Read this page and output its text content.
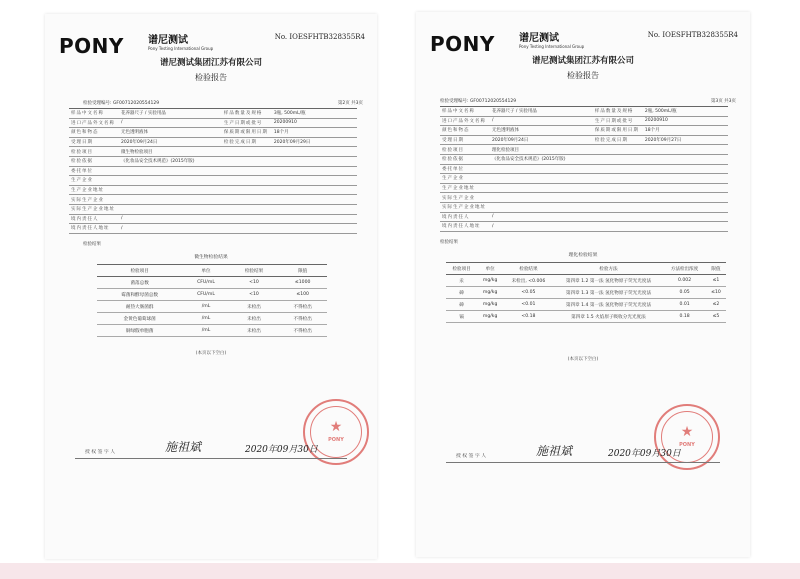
PONY 谱尼测试
Pony Testing International Group
No. IOESFHTB328355R4
谱尼测试集团江苏有限公司
检验报告
检验受理编号: GF00712020554129	第2页 共3页
样品中文名称	花养器尺子 / 实验用晶	样品数量及规格	3瓶, 500mL/瓶
进口产品外文名称	/	生产日期或批号	20200910
颜色和物态	无色透明液体	保质期或限用日期	18个月
受理日期	2020年09月24日	检验完成日期	2020年09月29日
检验项目	微生物检验项目		
检验依据	《化妆品安全技术规范》(2015年版)		
委托单位			
生产企业			
生产企业地址			
实际生产企业			
实际生产企业地址			
境内责任人	/		
境内责任人地址	/		
检验结果
微生物检验结果
检验项目	单位	检验结果	限值
菌落总数	CFU/mL	<10	≤1000
霉菌和酵母菌总数	CFU/mL	<10	≤100
耐热大肠菌群	/mL	未检出	不得检出
金黄色葡萄球菌	/mL	未检出	不得检出
铜绿假单胞菌	/mL	未检出	不得检出
(本页以下空白)
★
PONY
授权签字人	施祖斌	2020年09月30日
PONY 谱尼测试
Pony Testing International Group
No. IOESFHTB328355R4
谱尼测试集团江苏有限公司
检验报告
检验受理编号: GF00712020554129	第3页 共3页
样品中文名称	花养器尺子 / 实验用晶	样品数量及规格	2瓶, 500mL/瓶
进口产品外文名称	/	生产日期或批号	20200910
颜色和物态	无色透明液体	保质期或限用日期	18个月
受理日期	2020年09月24日	检验完成日期	2020年09月27日
检验项目	理化检验项目		
检验依据	《化妆品安全技术规范》(2015年版)		
委托单位			
生产企业			
生产企业地址			
实际生产企业			
实际生产企业地址			
境内责任人	/		
境内责任人地址	/		
检验结果
理化检验结果
检验项目	单位	检验结果	检验方法	方法检出浓度	限值
汞	mg/kg	未检出, <0.006	第四章 1.2 第一法 氢化物原子荧光光度法	0.002	≤1
砷	mg/kg	<0.05	第四章 1.3 第一法 氢化物原子荧光光度法	0.05	≤10
砷	mg/kg	<0.01	第四章 1.4 第一法 氢化物原子荧光光度法	0.01	≤2
镉	mg/kg	<0.18	第四章 1.5 火焰原子吸收分光光度法	0.18	≤5
(本页以下空白)
★
PONY
授权签字人	施祖斌	2020年09月30日
